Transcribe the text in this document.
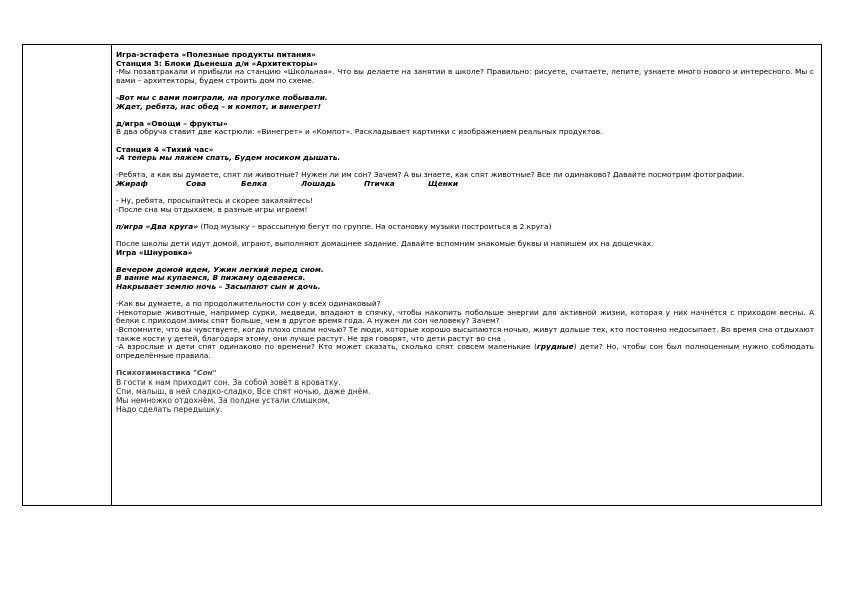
Игра-эстафета «Полезные продукты питания»

Станция 3: Блоки Дьенеша д/и «Архитекторы»

-Мы позавтракали и прибыли на станцию «Школьная». Что вы делаете на занятии в школе? Правильно: рисуете, считаете, лепите, узнаете много нового и интересного. Мы с вами – архитекторы, будем строить дом по схеме.

-Вот мы с вами поиграли, на прогулке побывали.

Ждет, ребята, нас обед – и компот, и винегрет!

д/игра «Овощи – фрукты»

В два обруча ставит две кастрюли: «Винегрет» и «Компот». Раскладывает картинки с изображением реальных продуктов.

Станция 4 «Тихий час»

-А теперь мы ляжем спать, Будем носиком дышать.

-Ребята, а как вы думаете, спят ли животные? Нужен ли им сон? Зачем? А вы знаете, как спят животные? Все ли одинаково? Давайте посмотрим фотографии.

Жираф	Сова	Белка	Лошадь	Птичка	Щенки

- Ну, ребята, просыпайтесь и скорее закаляйтесь!

-После сна мы отдыхаем, в разные игры играем!

п/игра «Два круга» (Под музыку – врассыпную бегут по группе. На остановку музыки построиться в 2 круга)

После школы дети идут домой, играют, выполняют домашнее задание. Давайте вспомним знакомые буквы и напишем их на дощечках.

Игра «Шнуровка»

Вечером домой идем, Ужин легкий перед сном.

В ванне мы купаемся, В пижаму одеваемся.

Накрывает землю ночь – Засыпают сын и дочь.

-Как вы думаете, а по продолжительности сон у всех одинаковый?

-Некоторые животные, например сурки, медведи, впадают в спячку, чтобы накопить побольше энергии для активной жизни, которая у них начнётся с приходом весны. А белки с приходом зимы спят больше, чем в другое время года. А нужен ли сон человеку? Зачем?

-Вспомните, что вы чувствуете, когда плохо спали ночью? Те люди, которые хорошо высыпаются ночью, живут дольше тех, кто постоянно недосыпает. Во время сна отдыхают также кости у детей, благодаря этому, они лучше растут. Не зря говорят, что дети растут во сна .

-А взрослые и дети спят одинаково по времени? Кто может сказать, сколько спят совсем маленькие (грудные) дети? Но, чтобы сон был полноценным нужно соблюдать определённые правила.

Психогимнастика "Сон"

В гости к нам приходит сон. За собой зовёт в кроватку.

Спи, малыш, в ней сладко-сладко, Все спят ночью, даже днём.

Мы немножко отдохнём. За полдне устали слишком,

Надо сделать передышку.
